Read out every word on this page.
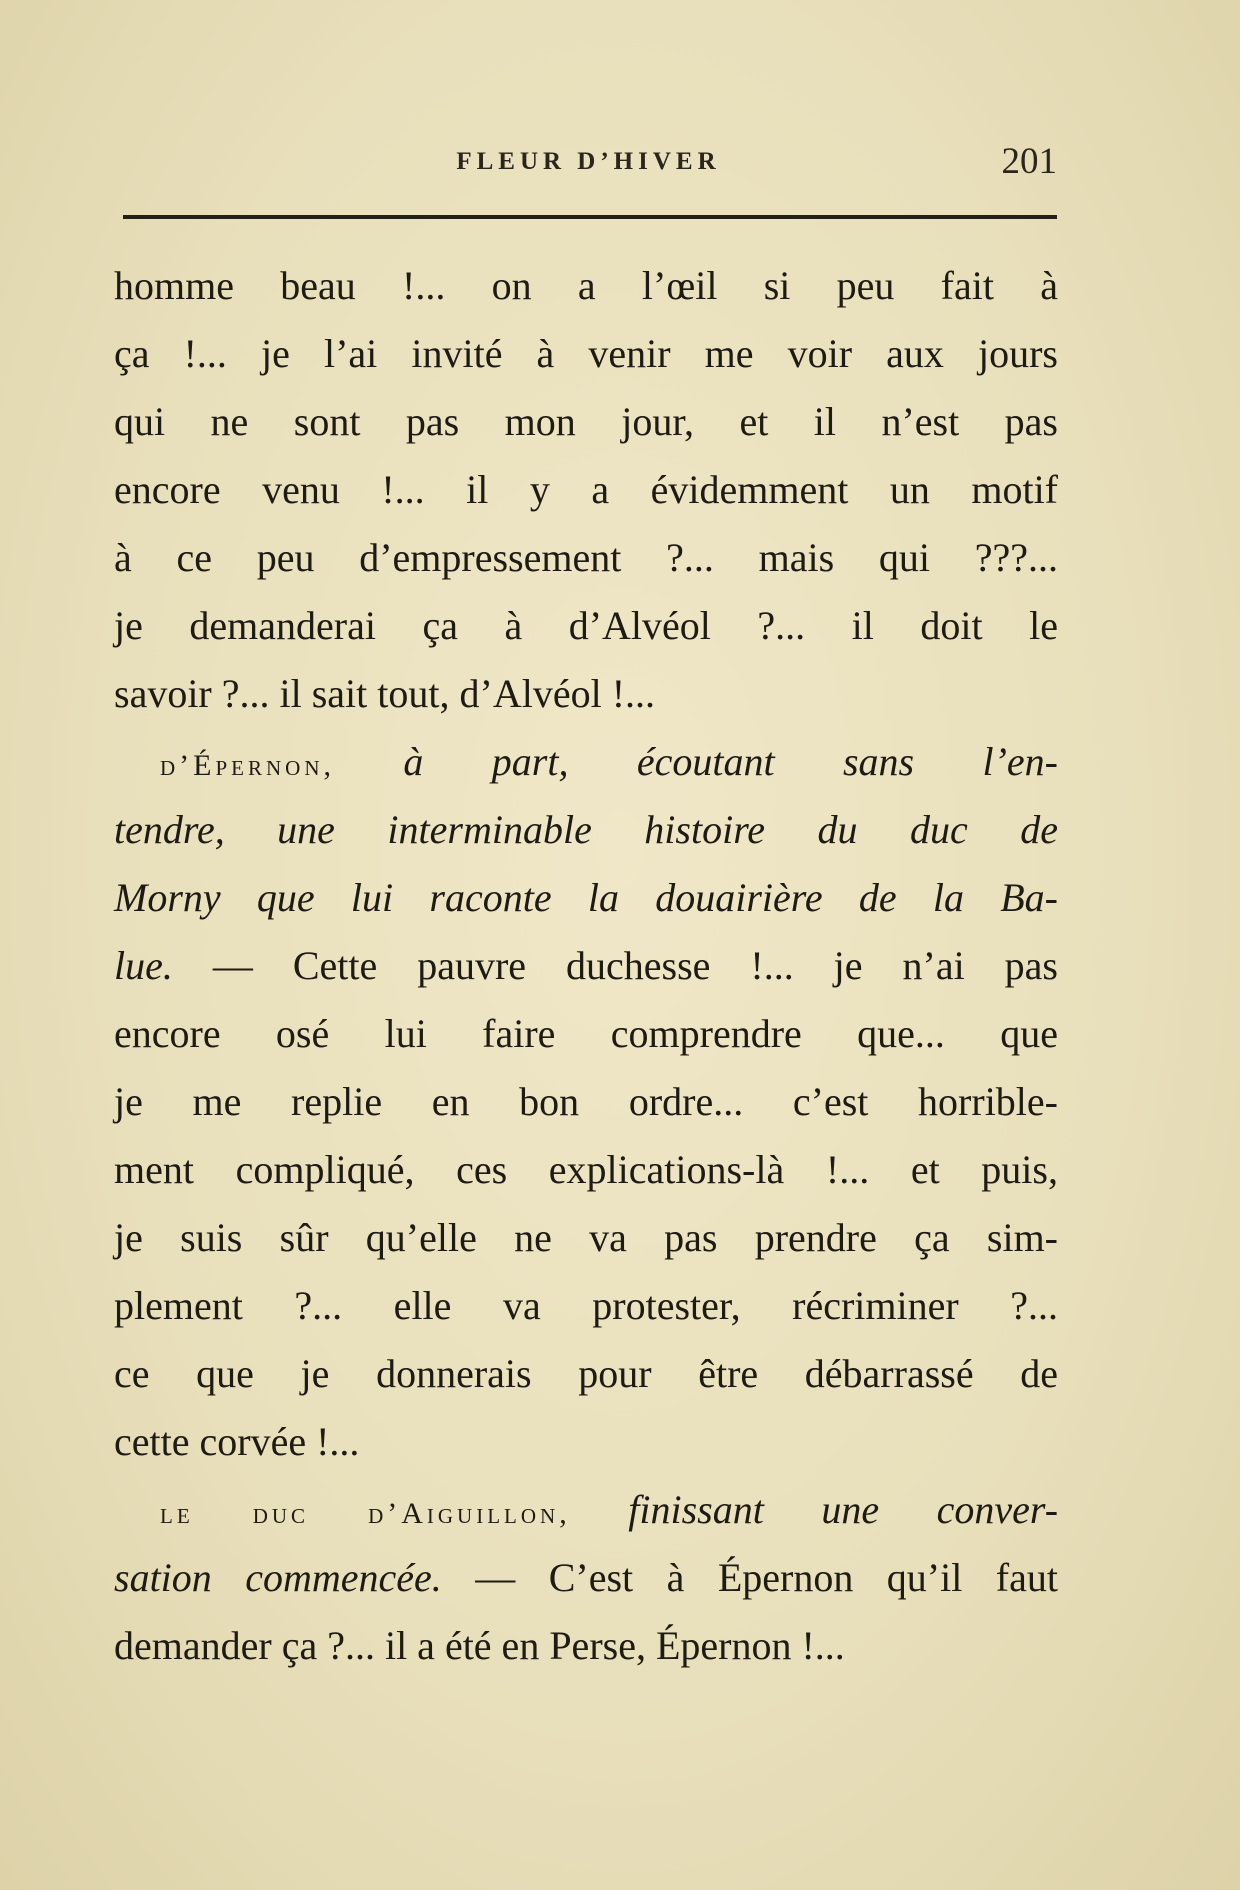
FLEUR D’HIVER	201
homme beau !... on a l’œil si peu fait à
ça !... je l’ai invité à venir me voir aux jours
qui ne sont pas mon jour, et il n’est pas
encore venu !... il y a évidemment un motif
à ce peu d’empressement ?... mais qui ???...
je demanderai ça à d’Alvéol ?... il doit le
savoir ?... il sait tout, d’Alvéol !...
d’Épernon, à part, écoutant sans l’en-
tendre, une interminable histoire du duc de
Morny que lui raconte la douairière de la Ba-
lue. — Cette pauvre duchesse !... je n’ai pas
encore osé lui faire comprendre que... que
je me replie en bon ordre... c’est horrible-
ment compliqué, ces explications-là !... et puis,
je suis sûr qu’elle ne va pas prendre ça sim-
plement ?... elle va protester, récriminer ?...
ce que je donnerais pour être débarrassé de
cette corvée !...
le duc d’Aiguillon, finissant une conver-
sation commencée. — C’est à Épernon qu’il faut
demander ça ?... il a été en Perse, Épernon !...
